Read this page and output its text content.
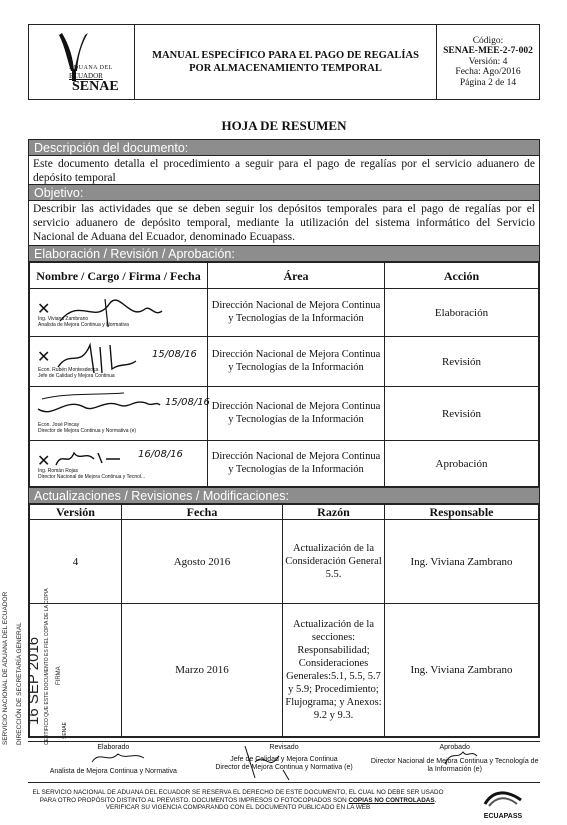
ADUANA DEL
ECUADOR
SENAE
MANUAL ESPECÍFICO PARA EL PAGO DE REGALÍAS
POR ALMACENAMIENTO TEMPORAL
Código:
SENAE-MEE-2-7-002
Versión: 4
Fecha: Ago/2016
Página 2 de 14
HOJA DE RESUMEN
Descripción del documento:
Este documento detalla el procedimiento a seguir para el pago de regalías por el servicio aduanero de depósito temporal
Objetivo:
Describir las actividades que se deben seguir los depósitos temporales para el pago de regalías por el servicio aduanero de depósito temporal, mediante la utilización del sistema informático del Servicio Nacional de Aduana del Ecuador, denominado Ecuapass.
Elaboración / Revisión / Aprobación:
Nombre / Cargo / Firma / Fecha	Área	Acción

✕
Ing. Viviana Zambrano
Analista de Mejora Continua y Normativa	Dirección Nacional de Mejora Continua y Tecnologías de la Información	Elaboración

✕ 15/08/16
Econ. Rubén Montesdeoca
Jefe de Calidad y Mejora Continua	Dirección Nacional de Mejora Continua y Tecnologías de la Información	Revisión

15/08/16
Econ. José Pincay
Director de Mejora Continua y Normativa (e)	Dirección Nacional de Mejora Continua y Tecnologías de la Información	Revisión

✕ 16/08/16
Ing. Román Rojas
Director Nacional de Mejora Continua y Tecnol...	Dirección Nacional de Mejora Continua y Tecnologías de la Información	Aprobación
Actualizaciones / Revisiones / Modificaciones:
Versión	Fecha	Razón	Responsable
4	Agosto 2016	Actualización de la Consideración General 5.5.	Ing. Viviana Zambrano
	Marzo 2016	Actualización de la secciones: Responsabilidad; Consideraciones Generales:5.1, 5.5, 5.7 y 5.9; Procedimiento; Flujograma; y Anexos: 9.2 y 9.3.	Ing. Viviana Zambrano
SERVICIO NACIONAL DE ADUANA DEL ECUADOR DIRECCIÓN DE SECRETARÍA GENERAL 16 SEP 2016 CERTIFICO QUE ESTE DOCUMENTO ES FIEL COPIA DE LA COPIA FIRMA
SENAE
Elaborado
Analista de Mejora Continua y Normativa
Revisado
Jefe de Calidad y Mejora Continua
Director de Mejora Continua y Normativa (e)
Aprobado
Director Nacional de Mejora Continua y Tecnología de la Información (e)
EL SERVICIO NACIONAL DE ADUANA DEL ECUADOR SE RESERVA EL DERECHO DE ESTE DOCUMENTO, EL CUAL NO DEBE SER USADO PARA OTRO PROPÓSITO DISTINTO AL PREVISTO. DOCUMENTOS IMPRESOS O FOTOCOPIADOS SON COPIAS NO CONTROLADAS. VERIFICAR SU VIGENCIA COMPARANDO CON EL DOCUMENTO PUBLICADO EN LA WEB
ECUAPASS
